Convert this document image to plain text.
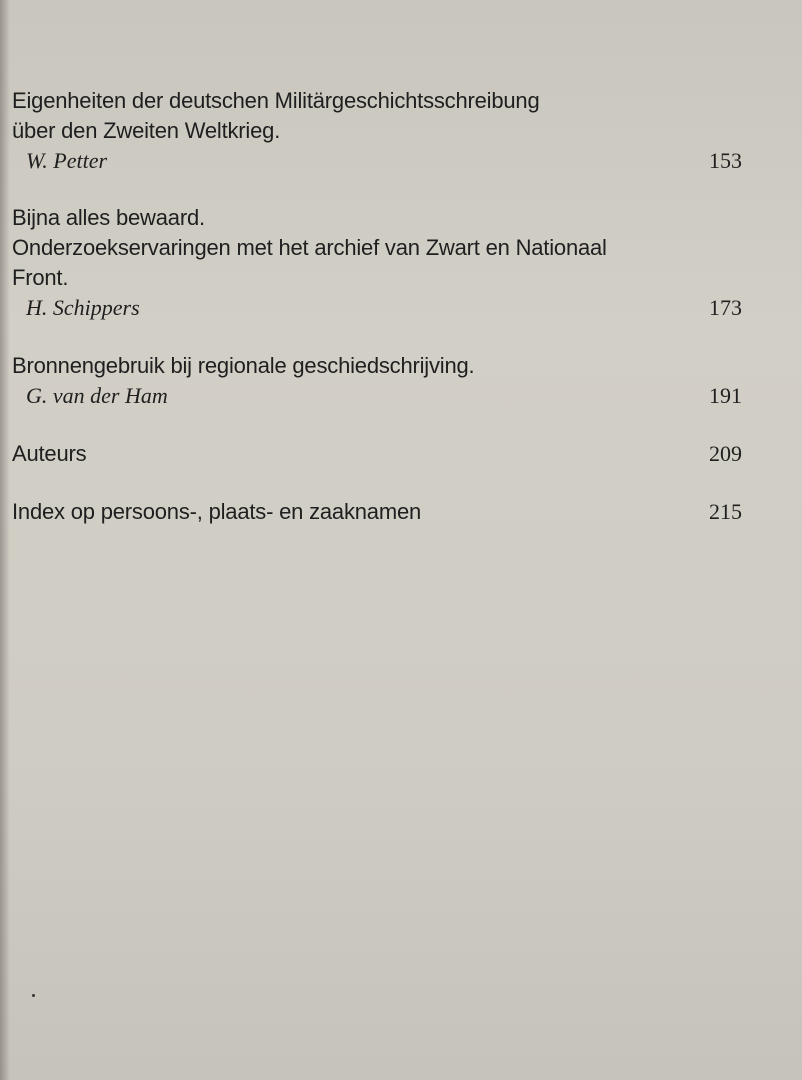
Eigenheiten der deutschen Militärgeschichtsschreibung
über den Zweiten Weltkrieg.
W. Petter	153
Bijna alles bewaard.
Onderzoekservaringen met het archief van Zwart en Nationaal
Front.
H. Schippers	173
Bronnengebruik bij regionale geschiedschrijving.
G. van der Ham	191
Auteurs	209
Index op persoons-, plaats- en zaaknamen	215
